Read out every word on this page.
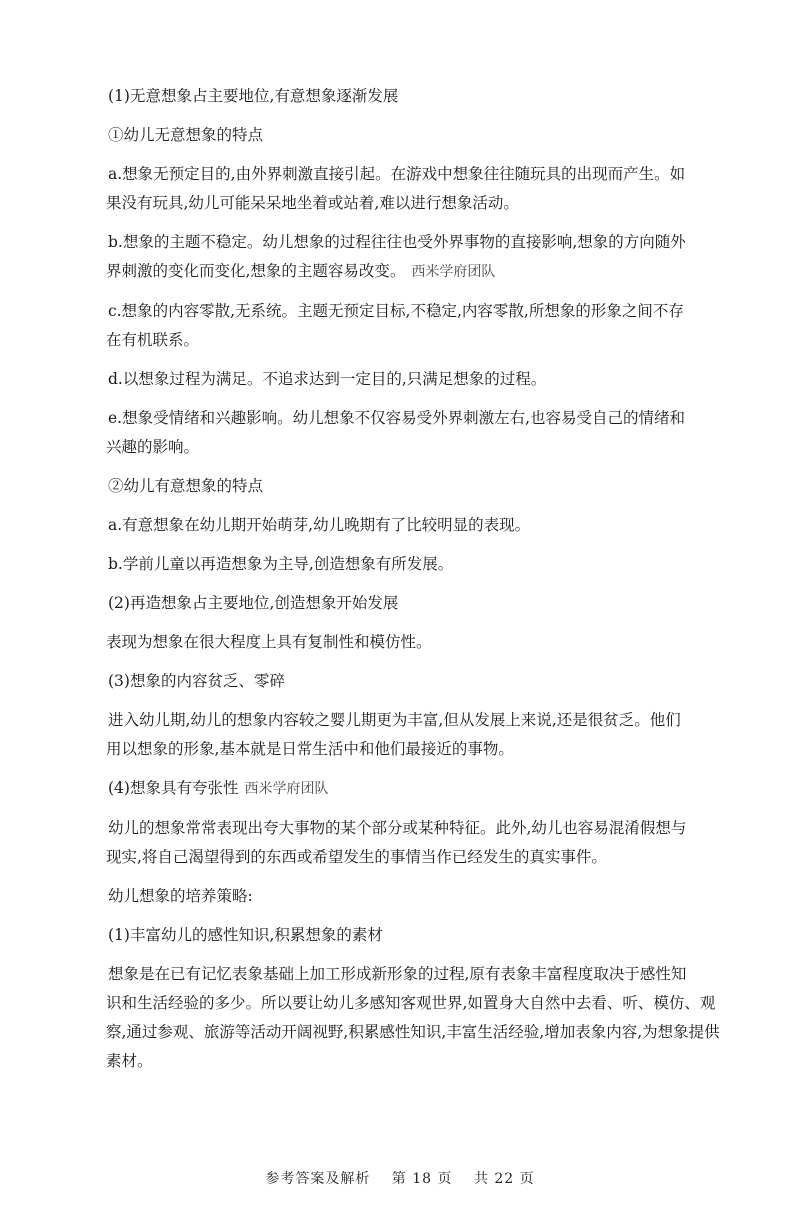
(1)无意想象占主要地位,有意想象逐渐发展

①幼儿无意想象的特点

a.想象无预定目的,由外界刺激直接引起。在游戏中想象往往随玩具的出现而产生。如

果没有玩具,幼儿可能呆呆地坐着或站着,难以进行想象活动。

b.想象的主题不稳定。幼儿想象的过程往往也受外界事物的直接影响,想象的方向随外

界刺激的变化而变化,想象的主题容易改变。 西米学府团队

c.想象的内容零散,无系统。主题无预定目标,不稳定,内容零散,所想象的形象之间不存

在有机联系。

d.以想象过程为满足。不追求达到一定目的,只满足想象的过程。

e.想象受情绪和兴趣影响。幼儿想象不仅容易受外界刺激左右,也容易受自己的情绪和

兴趣的影响。

②幼儿有意想象的特点

a.有意想象在幼儿期开始萌芽,幼儿晚期有了比较明显的表现。

b.学前儿童以再造想象为主导,创造想象有所发展。

(2)再造想象占主要地位,创造想象开始发展

表现为想象在很大程度上具有复制性和模仿性。

(3)想象的内容贫乏、零碎

进入幼儿期,幼儿的想象内容较之婴儿期更为丰富,但从发展上来说,还是很贫乏。他们

用以想象的形象,基本就是日常生活中和他们最接近的事物。

(4)想象具有夸张性 西米学府团队

幼儿的想象常常表现出夸大事物的某个部分或某种特征。此外,幼儿也容易混淆假想与

现实,将自己渴望得到的东西或希望发生的事情当作已经发生的真实事件。

幼儿想象的培养策略:

(1)丰富幼儿的感性知识,积累想象的素材

想象是在已有记忆表象基础上加工形成新形象的过程,原有表象丰富程度取决于感性知

识和生活经验的多少。所以要让幼儿多感知客观世界,如置身大自然中去看、听、模仿、观

察,通过参观、旅游等活动开阔视野,积累感性知识,丰富生活经验,增加表象内容,为想象提供

素材。

参考答案及解析 第 18 页 共 22 页
